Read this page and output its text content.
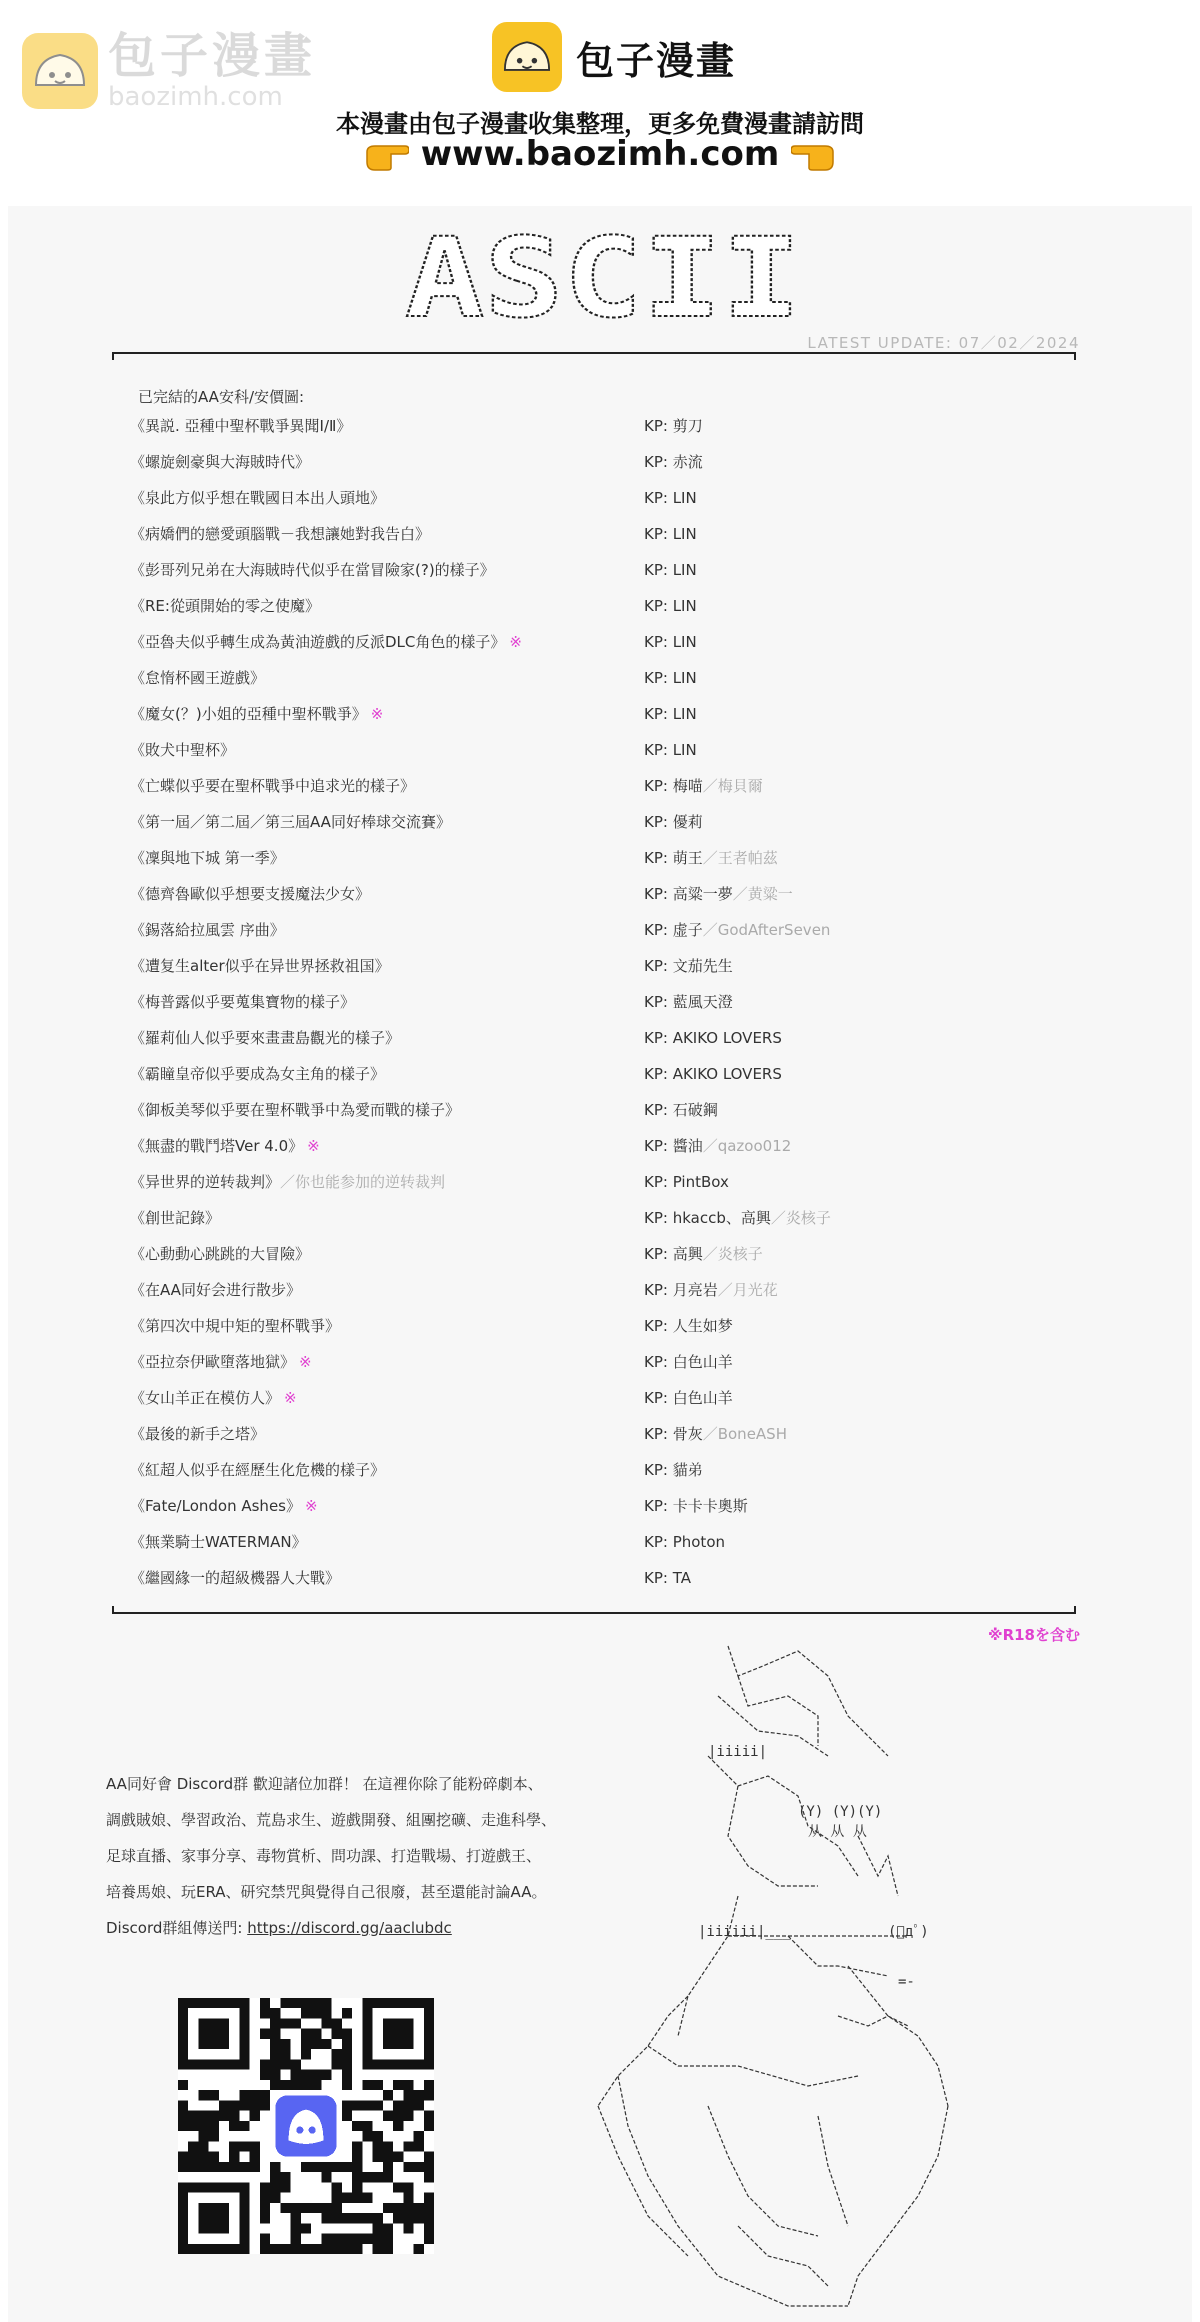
包子漫畫
baozimh.com
包子漫畫
本漫畫由包子漫畫收集整理，更多免費漫畫請訪問
www.baozimh.com
ASCII
LATEST UPDATE: 07／02／2024
已完結的AA安科/安價圖:
《異説. 亞種中聖杯戰爭異聞Ⅰ/Ⅱ》	KP: 剪刀
《螺旋劍豪與大海賊時代》	KP: 赤流
《泉此方似乎想在戰國日本出人頭地》	KP: LIN
《病嬌們的戀愛頭腦戰－我想讓她對我告白》	KP: LIN
《彭哥列兄弟在大海賊時代似乎在當冒險家(?)的樣子》	KP: LIN
《RE:從頭開始的零之使魔》	KP: LIN
《亞魯夫似乎轉生成為黃油遊戲的反派DLC角色的樣子》 ※	KP: LIN
《怠惰杯國王遊戲》	KP: LIN
《魔女(？)小姐的亞種中聖杯戰爭》 ※	KP: LIN
《敗犬中聖杯》	KP: LIN
《亡蝶似乎要在聖杯戰爭中追求光的樣子》	KP: 梅喵／梅貝爾
《第一屆／第二屆／第三屆AA同好棒球交流賽》	KP: 優莉
《凜與地下城 第一季》	KP: 萌王／王者帕茲
《德齊魯歐似乎想要支援魔法少女》	KP: 高粱一夢／黄粱一
《錫落給拉風雲 序曲》	KP: 虚子／GodAfterSeven
《遭复生alter似乎在异世界拯救祖国》	KP: 文茄先生
《梅普露似乎要蒐集寶物的樣子》	KP: 藍風天澄
《羅莉仙人似乎要來畫畫島觀光的樣子》	KP: AKIKO LOVERS
《霸瞳皇帝似乎要成為女主角的樣子》	KP: AKIKO LOVERS
《御板美琴似乎要在聖杯戰爭中為愛而戰的樣子》	KP: 石破鋼
《無盡的戰鬥塔Ver 4.0》 ※	KP: 醬油／qazoo012
《异世界的逆转裁判》／你也能参加的逆转裁判	KP: PintBox
《創世記錄》	KP: hkaccb、高興／炎核子
《心動動心跳跳的大冒險》	KP: 高興／炎核子
《在AA同好会进行散步》	KP: 月亮岩／月光花
《第四次中規中矩的聖杯戰爭》	KP: 人生如梦
《亞拉奈伊歐墮落地獄》 ※	KP: 白色山羊
《女山羊正在模仿人》 ※	KP: 白色山羊
《最後的新手之塔》	KP: 骨灰／BoneASH
《紅超人似乎在經歷生化危機的樣子》	KP: 貓弟
《Fate/London Ashes》 ※	KP: 卡卡卡奧斯
《無業騎士WATERMAN》	KP: Photon
《繼國緣一的超級機器人大戰》	KP: TA
※R18を含む
AA同好會 Discord群 歡迎諸位加群！ 在這裡你除了能粉碎劇本、
調戲賊娘、學習政治、荒島求生、遊戲開發、組團挖礦、走進科學、
足球直播、家事分享、毒物賞析、問功課、打造戰場、打遊戲王、
培養馬娘、玩ERA、研究禁咒與覺得自己很廢，甚至還能討論AA。
Discord群組傳送門: https://discord.gg/aaclubdc
(Y) (Y)(Y)
从 从 从
|iiiii|
|iiiiii|___	(ﾟдﾟ)
=-
